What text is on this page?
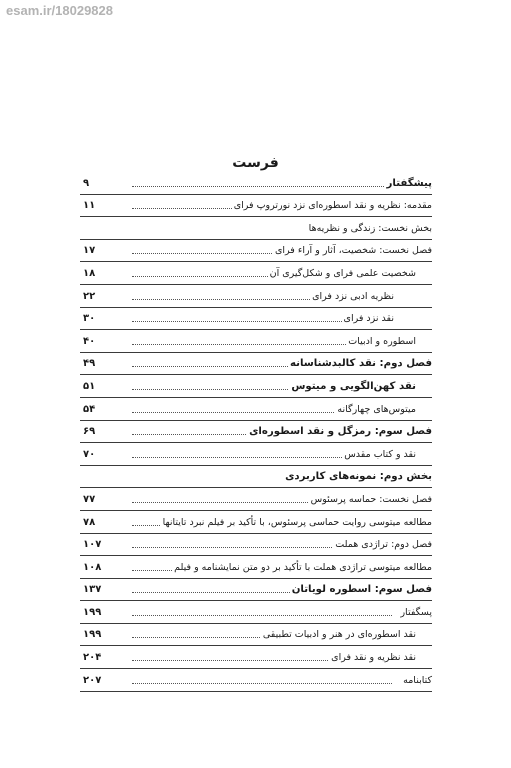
esam.ir/18029828
فرست
پیشگفتار
۹
مقدمه: نظریه و نقد اسطوره‌ای نزد نورتروپ فرای
۱۱
بخش نخست: زندگی و نظریه‌ها
فصل نخست: شخصیت، آثار و آراء فرای
۱۷
شخصیت علمی فرای و شکل‌گیری آن
۱۸
نظریه ادبی نزد فرای
۲۲
نقد نزد فرای
۳۰
اسطوره و ادبیات
۴۰
فصل دوم: نقد کالبدشناسانه
۴۹
نقد کهن‌الگویی و میتوس
۵۱
میتوس‌های چهارگانه
۵۴
فصل سوم: رمزگل و نقد اسطوره‌ای
۶۹
نقد و کتاب مقدس
۷۰
بخش دوم: نمونه‌های کاربردی
فصل نخست: حماسه پرسئوس
۷۷
مطالعه میتوسی روایت حماسی پرسئوس، با تأکید بر فیلم نبرد تایتانها
۷۸
فصل دوم: تراژدی هملت
۱۰۷
مطالعه میتوسی تراژدی هملت با تأکید بر دو متن نمایشنامه و فیلم
۱۰۸
فصل سوم: اسطوره لویاتان
۱۳۷
پسگفتار
۱۹۹
نقد اسطوره‌ای در هنر و ادبیات تطبیقی
۱۹۹
نقد نظریه و نقد فرای
۲۰۴
کتابنامه
۲۰۷
